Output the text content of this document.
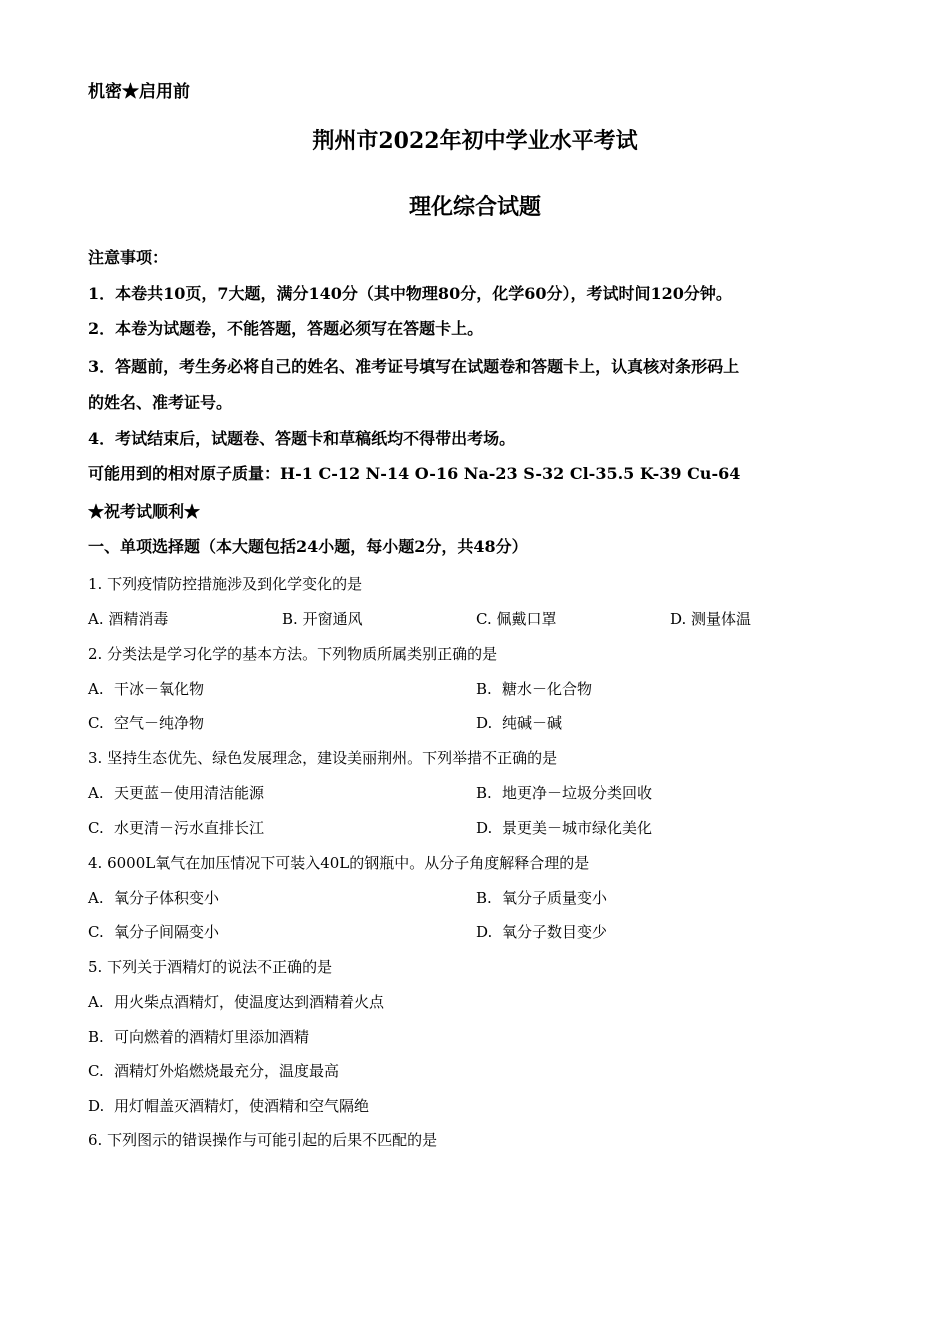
机密★启用前
荆州市2022年初中学业水平考试
理化综合试题
注意事项：
1．本卷共10页，7大题，满分140分（其中物理80分，化学60分），考试时间120分钟。
2．本卷为试题卷，不能答题，答题必须写在答题卡上。
3．答题前，考生务必将自己的姓名、准考证号填写在试题卷和答题卡上，认真核对条形码上
的姓名、准考证号。
4．考试结束后，试题卷、答题卡和草稿纸均不得带出考场。
可能用到的相对原子质量：H-1 C-12 N-14 O-16 Na-23 S-32 Cl-35.5 K-39 Cu-64
★祝考试顺利★
一、单项选择题（本大题包括24小题，每小题2分，共48分）
1. 下列疫情防控措施涉及到化学变化的是
A. 酒精消毒	B. 开窗通风	C. 佩戴口罩	D. 测量体温
2. 分类法是学习化学的基本方法。下列物质所属类别正确的是
A. 干冰－氧化物	B. 糖水－化合物
C. 空气－纯净物	D. 纯碱－碱
3. 坚持生态优先、绿色发展理念，建设美丽荆州。下列举措不正确的是
A. 天更蓝－使用清洁能源	B. 地更净－垃圾分类回收
C. 水更清－污水直排长江	D. 景更美－城市绿化美化
4. 6000L氧气在加压情况下可装入40L的钢瓶中。从分子角度解释合理的是
A. 氧分子体积变小	B. 氧分子质量变小
C. 氧分子间隔变小	D. 氧分子数目变少
5. 下列关于酒精灯的说法不正确的是
A. 用火柴点酒精灯，使温度达到酒精着火点
B. 可向燃着的酒精灯里添加酒精
C. 酒精灯外焰燃烧最充分，温度最高
D. 用灯帽盖灭酒精灯，使酒精和空气隔绝
6. 下列图示的错误操作与可能引起的后果不匹配的是
